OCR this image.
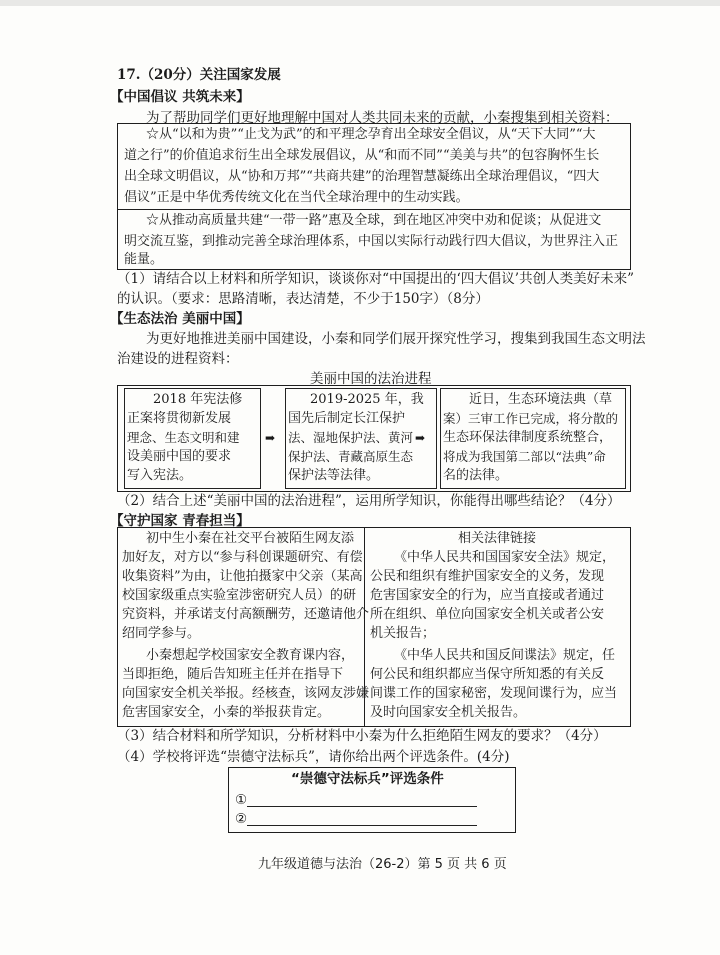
17.（20分）关注国家发展
【中国倡议 共筑未来】
为了帮助同学们更好地理解中国对人类共同未来的贡献，小秦搜集到相关资料：
☆从“以和为贵”“止戈为武”的和平理念孕育出全球安全倡议，从“天下大同”“大
道之行”的价值追求衍生出全球发展倡议，从“和而不同”“美美与共”的包容胸怀生长
出全球文明倡议，从“协和万邦”“共商共建”的治理智慧凝练出全球治理倡议，“四大
倡议”正是中华优秀传统文化在当代全球治理中的生动实践。
☆从推动高质量共建“一带一路”惠及全球，到在地区冲突中劝和促谈；从促进文
明交流互鉴，到推动完善全球治理体系，中国以实际行动践行四大倡议，为世界注入正
能量。
（1）请结合以上材料和所学知识，谈谈你对“中国提出的‘四大倡议’共创人类美好未来”
的认识。（要求：思路清晰，表达清楚，不少于150字）（8分）
【生态法治 美丽中国】
为更好地推进美丽中国建设，小秦和同学们展开探究性学习，搜集到我国生态文明法
治建设的进程资料：
美丽中国的法治进程
2018 年宪法修
正案将贯彻新发展
理念、生态文明和建
设美丽中国的要求
写入宪法。
➡
2019-2025 年，我
国先后制定长江保护
法、湿地保护法、黄河
保护法、青藏高原生态
保护法等法律。
➡
近日，生态环境法典（草
案）三审工作已完成，将分散的
生态环保法律制度系统整合，
将成为我国第二部以“法典”命
名的法律。
（2）结合上述“美丽中国的法治进程”，运用所学知识，你能得出哪些结论？（4分）
【守护国家 青春担当】
初中生小秦在社交平台被陌生网友添
加好友，对方以“参与科创课题研究、有偿
收集资料”为由，让他拍摄家中父亲（某高
校国家级重点实验室涉密研究人员）的研
究资料，并承诺支付高额酬劳，还邀请他介
绍同学参与。
小秦想起学校国家安全教育课内容，
当即拒绝，随后告知班主任并在指导下
向国家安全机关举报。经核查，该网友涉嫌
危害国家安全，小秦的举报获肯定。
相关法律链接
《中华人民共和国国家安全法》规定，
公民和组织有维护国家安全的义务，发现
危害国家安全的行为，应当直接或者通过
所在组织、单位向国家安全机关或者公安
机关报告；
《中华人民共和国反间谍法》规定，任
何公民和组织都应当保守所知悉的有关反
间谍工作的国家秘密，发现间谍行为，应当
及时向国家安全机关报告。
（3）结合材料和所学知识，分析材料中小秦为什么拒绝陌生网友的要求？（4分）
（4）学校将评选“崇德守法标兵”，请你给出两个评选条件。(4分)
“崇德守法标兵”评选条件
①
②
九年级道德与法治（26-2）第 5 页 共 6 页
